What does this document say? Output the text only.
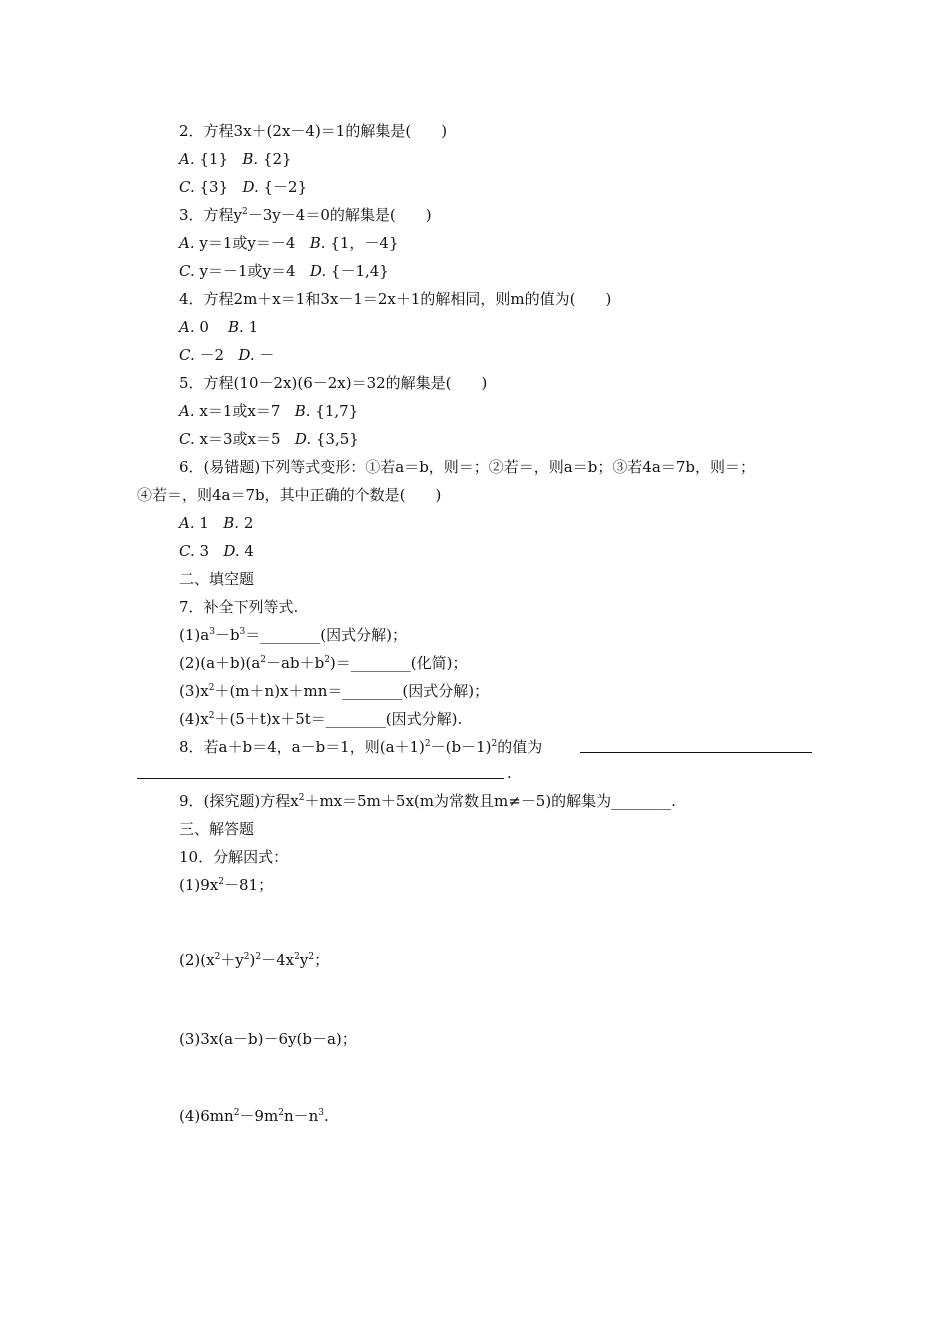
2．方程3x＋(2x－4)＝1的解集是(　　)
A. {1} B. {2}
C. {3} D. {－2}
3．方程$y^2-3y-4=0$的解集是(　　)
A. y＝1或y＝－4 B. {1，－4}
C. y＝－1或y＝4 D. {－1,4}
4．方程2m＋x＝1和3x－1＝2x＋1的解相同，则m的值为(　　)
A. 0 B. 1
C. －2 D. －
5．方程(10－2x)(6－2x)＝32的解集是(　　)
A. x＝1或x＝7 B. {1,7}
C. x＝3或x＝5 D. {3,5}
6．(易错题)下列等式变形：①若a＝b，则＝；②若＝，则a＝b；③若4a＝7b，则＝；
④若＝，则4a＝7b，其中正确的个数是(　　)
A. 1 B. 2
C. 3 D. 4
二、填空题
7．补全下列等式.
$(1)a^3-b^3=\_\_\_\_\_\_\_\_$(因式分解)；
$(2)(a+b)(a^2-ab+b^2)=\_\_\_\_\_\_\_\_$(化简)；
$(3)x^2+(m+n)x+mn=\_\_\_\_\_\_\_\_$(因式分解)；
$(4)x^2+(5+t)x+5t=\_\_\_\_\_\_\_\_$(因式分解).
8．若a＋b＝4，a－b＝1，则$(a+1)^2-(b-1)^2$的值为
.
9．(探究题)方程$x^2+mx=5m+5x(m$为常数且m≠－5)的解集为________.
三、解答题
10．分解因式：
$(1)9x^2-81$；
$(2)(x^2+y^2)^2-4x^2y^2$；
(3)3x(a－b)－6y(b－a)；
$(4)6mn^2-9m^2n-n^3$.
